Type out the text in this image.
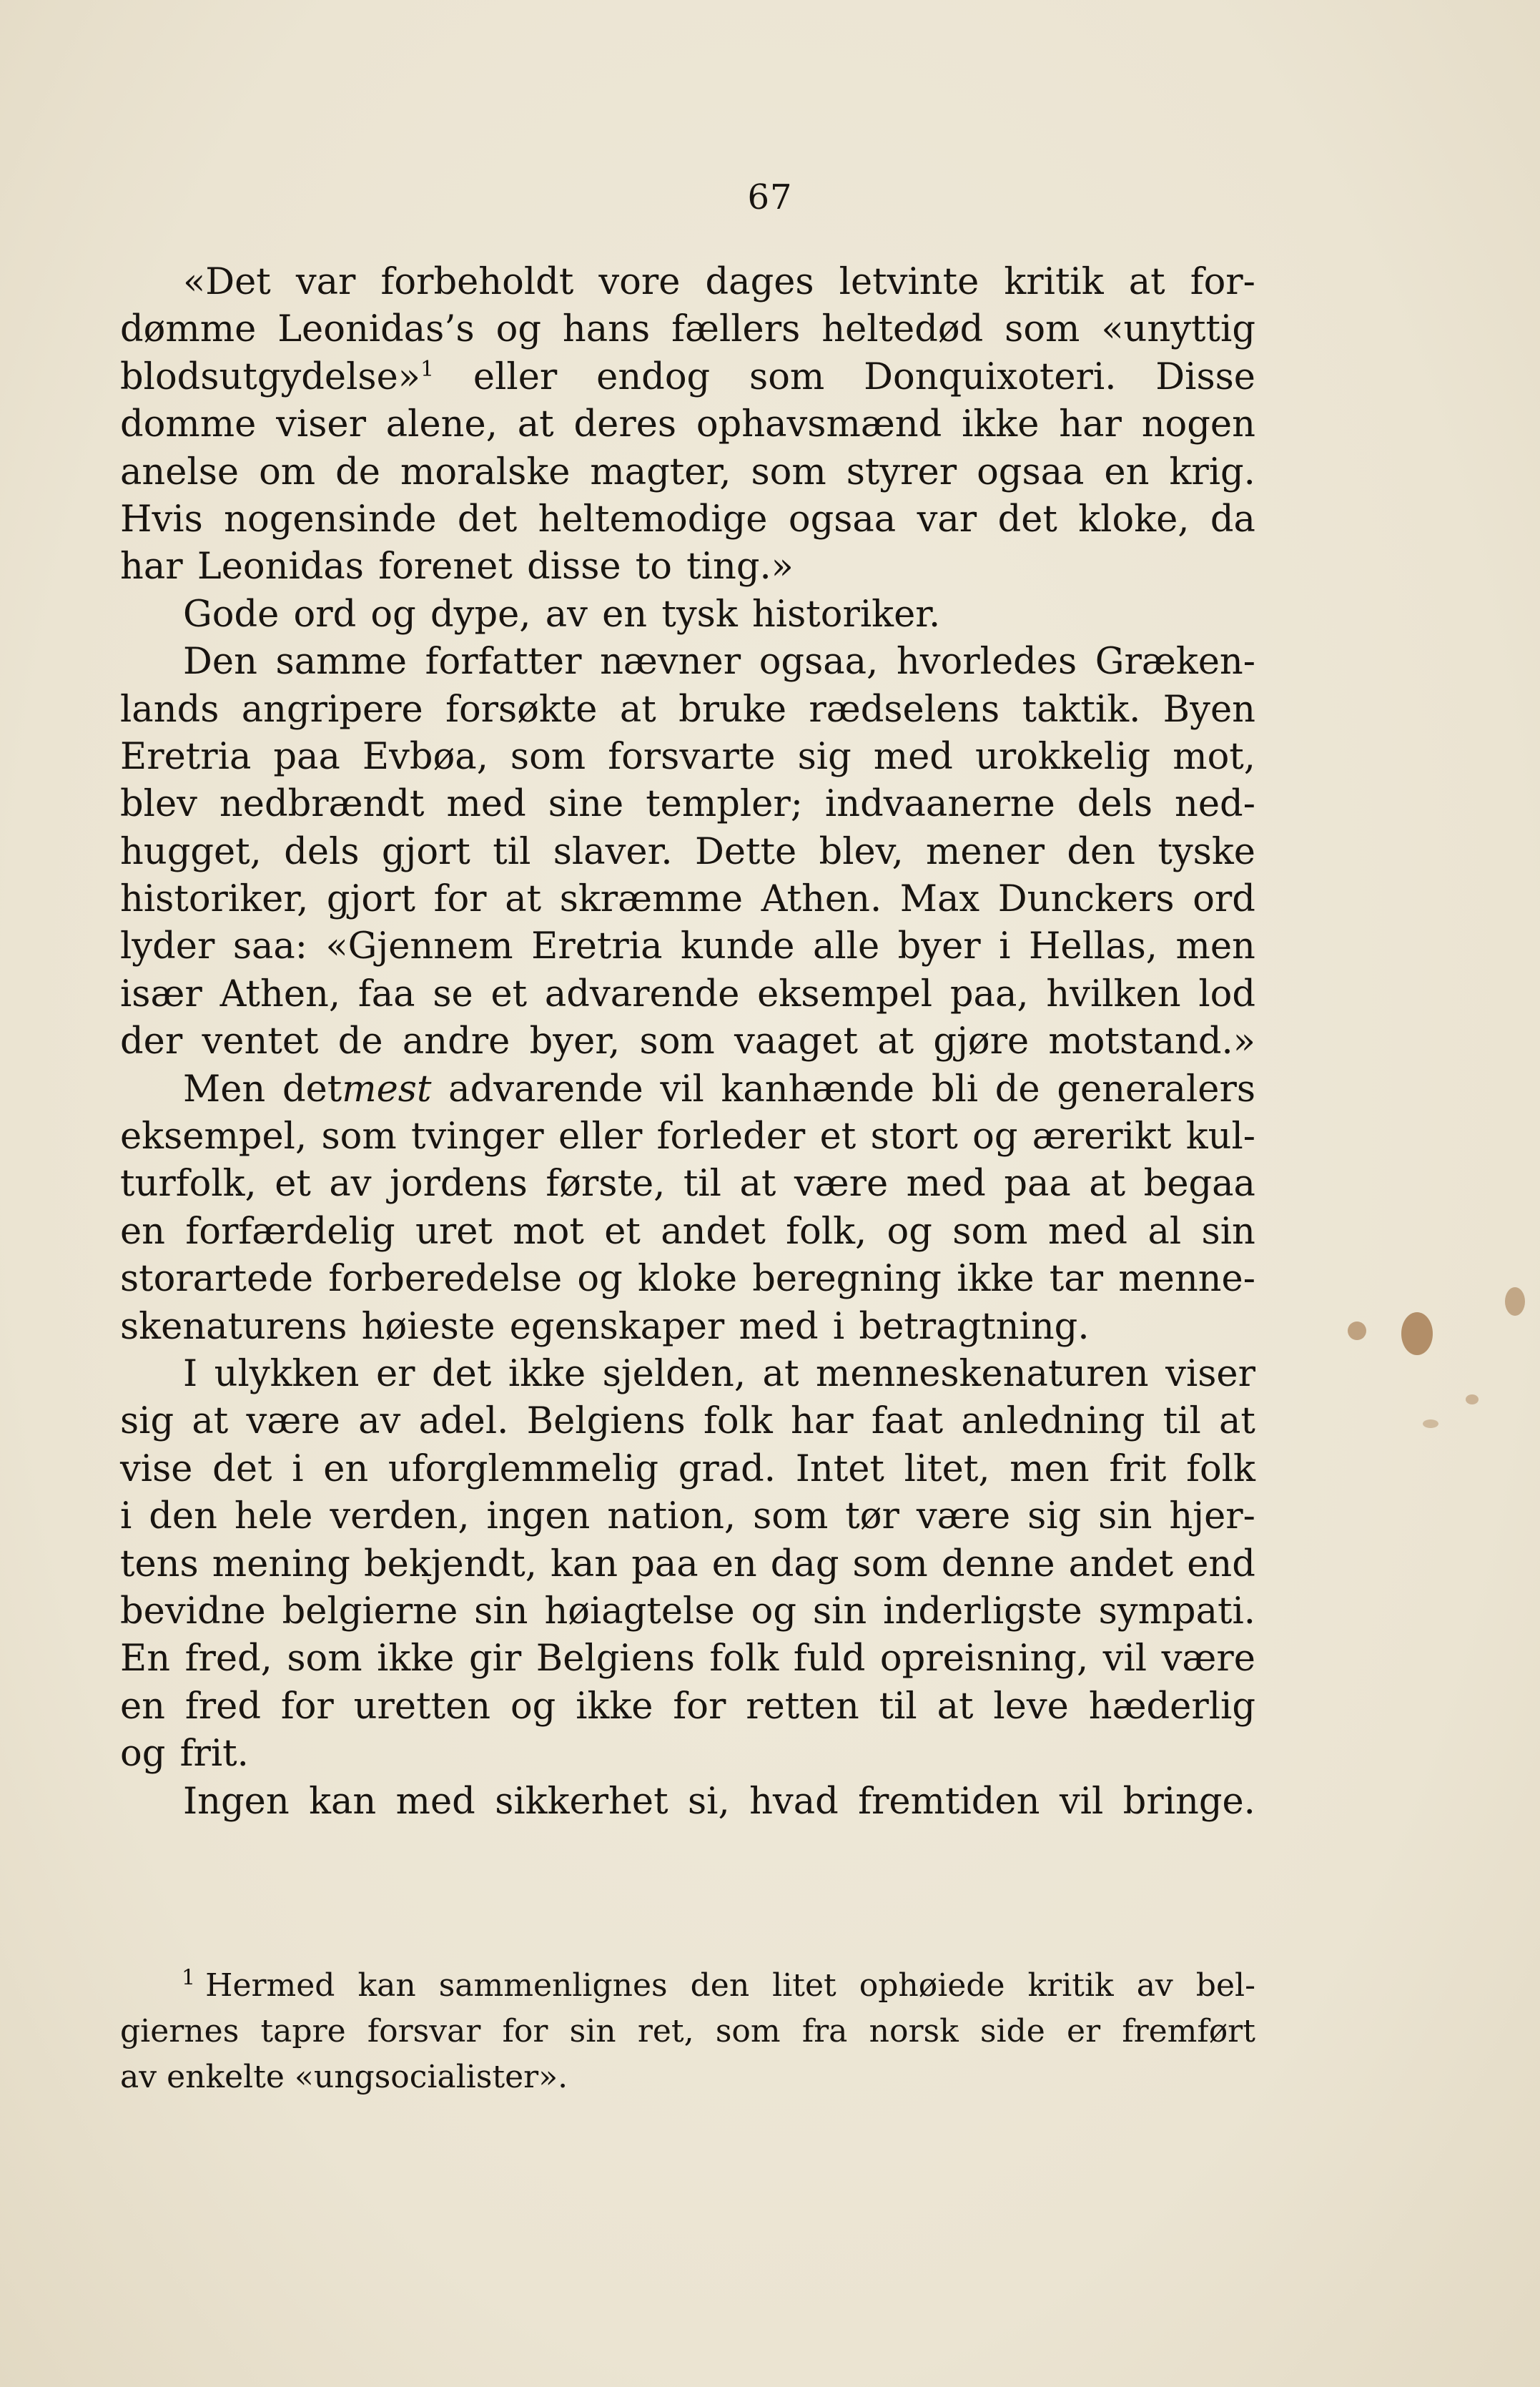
67
«Det var forbeholdt vore dages letvinte kritik at for-
dømme Leonidas’s og hans fællers heltedød som «unyttig
blodsutgydelse»$^1$ eller endog som Donquixoteri. Disse
domme viser alene, at deres ophavsmænd ikke har nogen
anelse om de moralske magter, som styrer ogsaa en krig.
Hvis nogensinde det heltemodige ogsaa var det kloke, da
har Leonidas forenet disse to ting.»
Gode ord og dype, av en tysk historiker.
Den samme forfatter nævner ogsaa, hvorledes Græken-
lands angripere forsøkte at bruke rædselens taktik. Byen
Eretria paa Evbøa, som forsvarte sig med urokkelig mot,
blev nedbrændt med sine templer; indvaanerne dels ned-
hugget, dels gjort til slaver. Dette blev, mener den tyske
historiker, gjort for at skræmme Athen. Max Dunckers ord
lyder saa: «Gjennem Eretria kunde alle byer i Hellas, men
især Athen, faa se et advarende eksempel paa, hvilken lod
der ventet de andre byer, som vaaget at gjøre motstand.»
Men detmest advarende vil kanhænde bli de generalers
eksempel, som tvinger eller forleder et stort og ærerikt kul-
turfolk, et av jordens første, til at være med paa at begaa
en forfærdelig uret mot et andet folk, og som med al sin
storartede forberedelse og kloke beregning ikke tar menne-
skenaturens høieste egenskaper med i betragtning.
I ulykken er det ikke sjelden, at menneskenaturen viser
sig at være av adel. Belgiens folk har faat anledning til at
vise det i en uforglemmelig grad. Intet litet, men frit folk
i den hele verden, ingen nation, som tør være sig sin hjer-
tens mening bekjendt, kan paa en dag som denne andet end
bevidne belgierne sin høiagtelse og sin inderligste sympati.
En fred, som ikke gir Belgiens folk fuld opreisning, vil være
en fred for uretten og ikke for retten til at leve hæderlig
og frit.
Ingen kan med sikkerhet si, hvad fremtiden vil bringe.
$^1$ Hermed kan sammenlignes den litet ophøiede kritik av bel-
giernes tapre forsvar for sin ret, som fra norsk side er fremført
av enkelte «ungsocialister».
